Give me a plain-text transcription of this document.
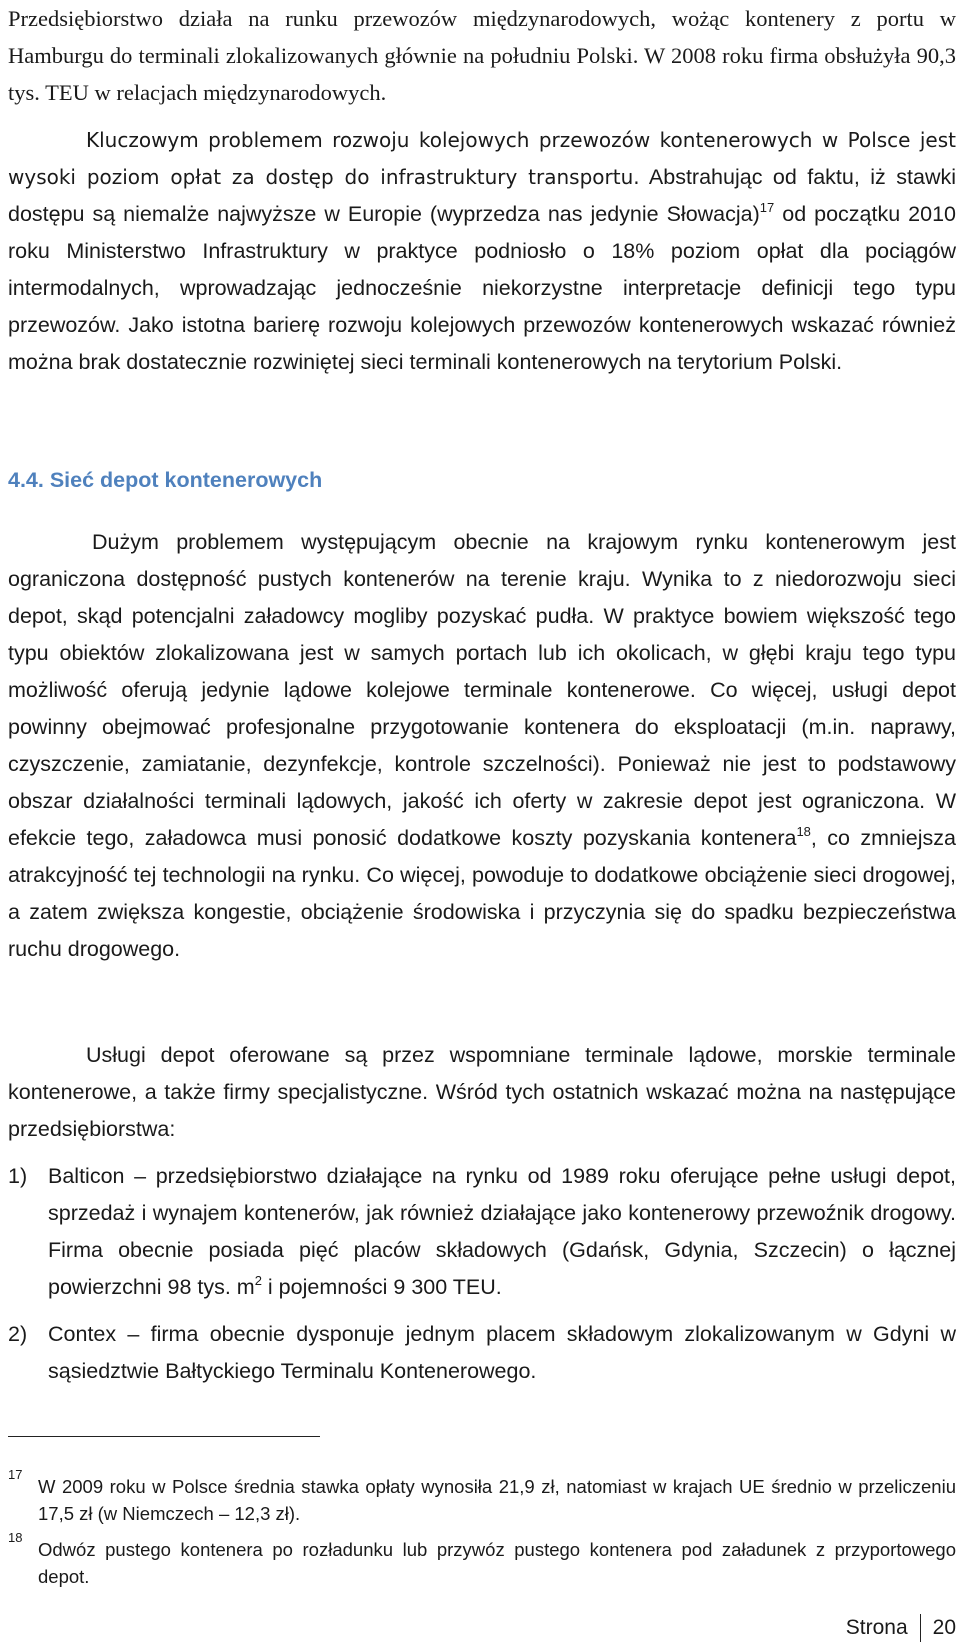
Przedsiębiorstwo działa na runku przewozów międzynarodowych, wożąc kontenery z portu w Hamburgu do terminali zlokalizowanych głównie na południu Polski. W 2008 roku firma obsłużyła 90,3 tys. TEU w relacjach międzynarodowych.

Kluczowym problemem rozwoju kolejowych przewozów kontenerowych w Polsce jest wysoki poziom opłat za dostęp do infrastruktury transportu. Abstrahując od faktu, iż stawki dostępu są niemalże najwyższe w Europie (wyprzedza nas jedynie Słowacja)$^{17}$ od początku 2010 roku Ministerstwo Infrastruktury w praktyce podniosło o 18% poziom opłat dla pociągów intermodalnych, wprowadzając jednocześnie niekorzystne interpretacje definicji tego typu przewozów. Jako istotna barierę rozwoju kolejowych przewozów kontenerowych wskazać również można brak dostatecznie rozwiniętej sieci terminali kontenerowych na terytorium Polski.

4.4. Sieć depot kontenerowych

Dużym problemem występującym obecnie na krajowym rynku kontenerowym jest ograniczona dostępność pustych kontenerów na terenie kraju. Wynika to z niedorozwoju sieci depot, skąd potencjalni załadowcy mogliby pozyskać pudła. W praktyce bowiem większość tego typu obiektów zlokalizowana jest w samych portach lub ich okolicach, w głębi kraju tego typu możliwość oferują jedynie lądowe kolejowe terminale kontenerowe. Co więcej, usługi depot powinny obejmować profesjonalne przygotowanie kontenera do eksploatacji (m.in. naprawy, czyszczenie, zamiatanie, dezynfekcje, kontrole szczelności). Ponieważ nie jest to podstawowy obszar działalności terminali lądowych, jakość ich oferty w zakresie depot jest ograniczona. W efekcie tego, załadowca musi ponosić dodatkowe koszty pozyskania kontenera$^{18}$, co zmniejsza atrakcyjność tej technologii na rynku. Co więcej, powoduje to dodatkowe obciążenie sieci drogowej, a zatem zwiększa kongestie, obciążenie środowiska i przyczynia się do spadku bezpieczeństwa ruchu drogowego.

Usługi depot oferowane są przez wspomniane terminale lądowe, morskie terminale kontenerowe, a także firmy specjalistyczne. Wśród tych ostatnich wskazać można na następujące przedsiębiorstwa:

1) Balticon – przedsiębiorstwo działające na rynku od 1989 roku oferujące pełne usługi depot, sprzedaż i wynajem kontenerów, jak również działające jako kontenerowy przewoźnik drogowy. Firma obecnie posiada pięć placów składowych (Gdańsk, Gdynia, Szczecin) o łącznej powierzchni 98 tys. $m^2$ i pojemności 9 300 TEU.
2) Contex – firma obecnie dysponuje jednym placem składowym zlokalizowanym w Gdyni w sąsiedztwie Bałtyckiego Terminalu Kontenerowego.
17
W 2009 roku w Polsce średnia stawka opłaty wynosiła 21,9 zł, natomiast w krajach UE średnio w przeliczeniu 17,5 zł (w Niemczech – 12,3 zł).
18
Odwóz pustego kontenera po rozładunku lub przywóz pustego kontenera pod załadunek z przyportowego depot.
Strona 20
